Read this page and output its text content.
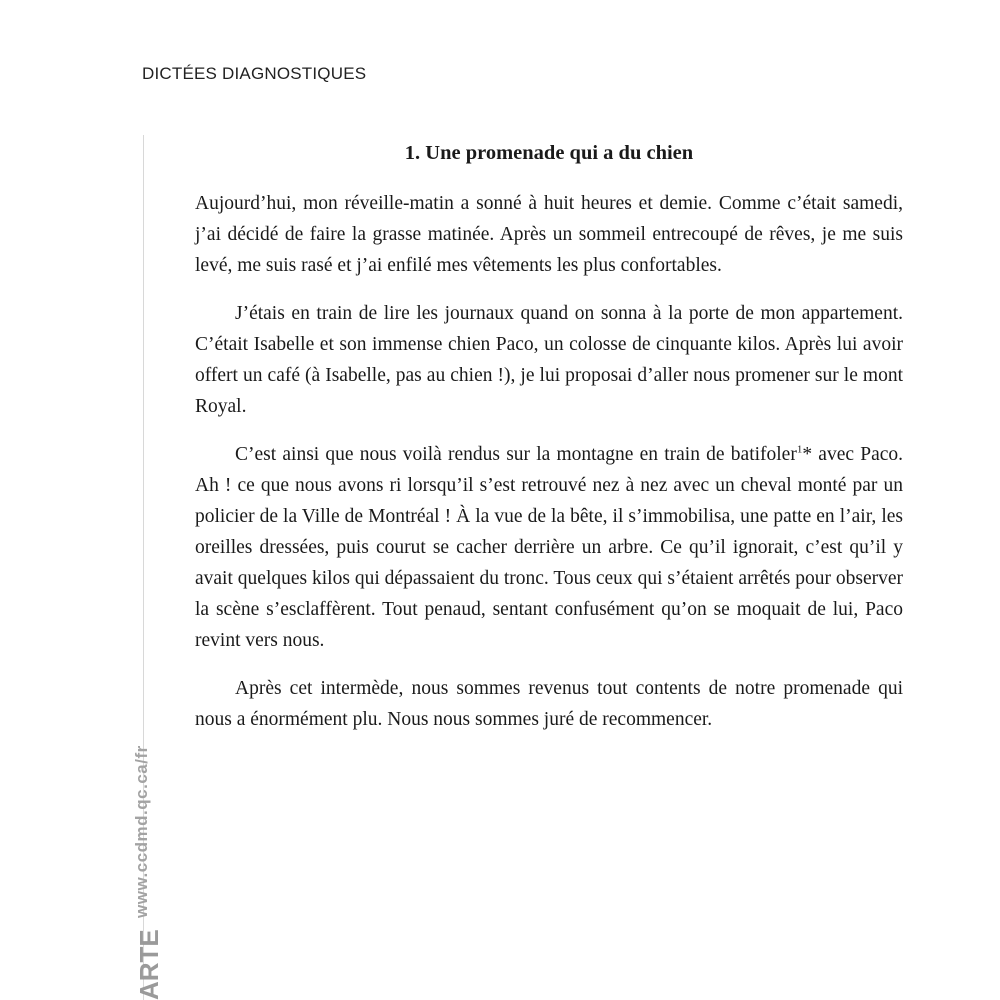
DICTÉES DIAGNOSTIQUES
www.ccdmd.qc.ca/fr
ARTE
1. Une promenade qui a du chien

Aujourd’hui, mon réveille-matin a sonné à huit heures et demie. Comme c’était samedi, j’ai décidé de faire la grasse matinée. Après un sommeil entrecoupé de rêves, je me suis levé, me suis rasé et j’ai enfilé mes vêtements les plus confortables.

J’étais en train de lire les journaux quand on sonna à la porte de mon appartement. C’était Isabelle et son immense chien Paco, un colosse de cinquante kilos. Après lui avoir offert un café (à Isabelle, pas au chien !), je lui proposai d’aller nous promener sur le mont Royal.

C’est ainsi que nous voilà rendus sur la montagne en train de batifoler$^1$* avec Paco. Ah ! ce que nous avons ri lorsqu’il s’est retrouvé nez à nez avec un cheval monté par un policier de la Ville de Montréal ! À la vue de la bête, il s’immobilisa, une patte en l’air, les oreilles dressées, puis courut se cacher derrière un arbre. Ce qu’il ignorait, c’est qu’il y avait quelques kilos qui dépassaient du tronc. Tous ceux qui s’étaient arrêtés pour observer la scène s’esclaffèrent. Tout penaud, sentant confusément qu’on se moquait de lui, Paco revint vers nous.

Après cet intermède, nous sommes revenus tout contents de notre promenade qui nous a énormément plu. Nous nous sommes juré de recommencer.
